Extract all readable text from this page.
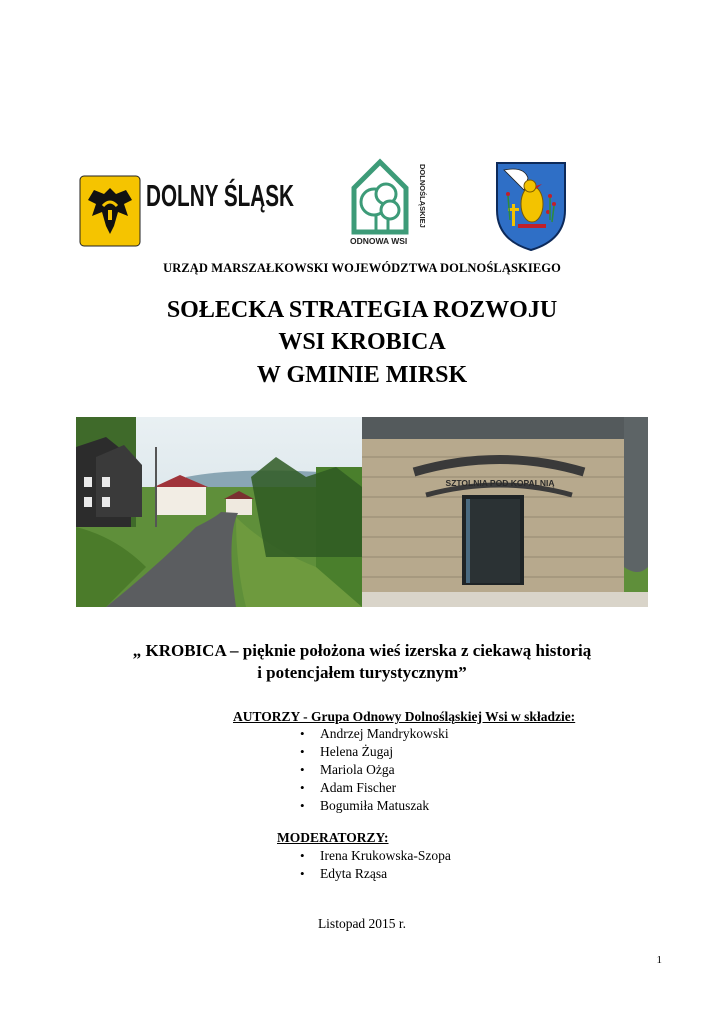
DOLNY ŚLĄSK
ODNOWA WSI
DOLNOŚLĄSKIEJ
URZĄD MARSZAŁKOWSKI WOJEWÓDZTWA DOLNOŚLĄSKIEGO
SOŁECKA STRATEGIA ROZWOJU
WSI KROBICA
W GMINIE MIRSK
SZTOLNIA POD KOPALNIĄ
„ KROBICA – pięknie położona wieś izerska z ciekawą historią
i potencjałem turystycznym”
AUTORZY - Grupa Odnowy Dolnośląskiej Wsi w składzie:
• Andrzej Mandrykowski
• Helena Żugaj
• Mariola Ożga
• Adam Fischer
• Bogumiła Matuszak
MODERATORZY:
• Irena Krukowska-Szopa
• Edyta Rząsa
Listopad 2015 r.
1
